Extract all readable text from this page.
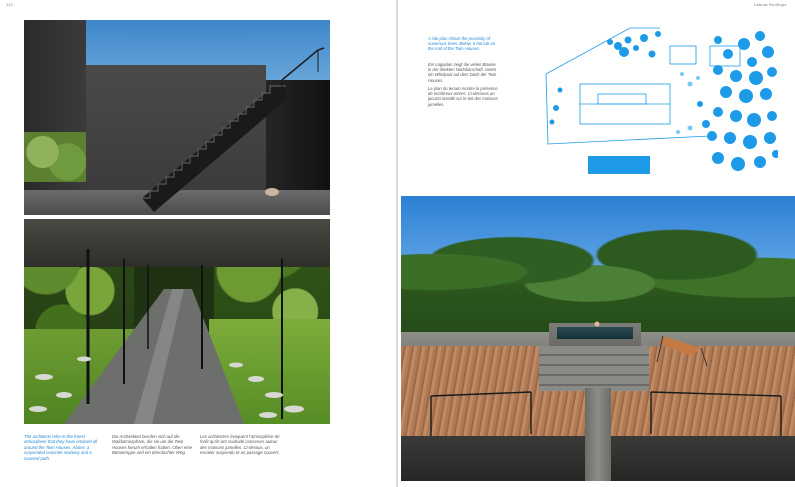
112
The architects refer to the forest atmosphere that they have retained all around the Twin Houses. Above, a suspended concrete stairway and a covered path.
Die Architekten berufen sich auf die Waldatmosphäre, die sie um die Twin Houses herum erhalten haben. Oben eine Betontreppe und ein überdachter Weg.
Les architectes évoquent l’atmosphère de forêt qu’ils ont souhaité conserver autour des maisons jumelles. Ci-dessus, un escalier suspendu et un passage couvert.
Lateral Rooftops
A site plan shows the proximity of numerous trees. Below, a hot tub on the roof of the Twin Houses.
Ein Lageplan zeigt die vielen Bäume in der direkten Nachbarschaft. Unten ein Whirlpool auf dem Dach der Twin Houses.
Le plan du terrain montre la présence de nombreux arbres. Ci-dessous un jacuzzi installé sur le toit des maisons jumelles.
